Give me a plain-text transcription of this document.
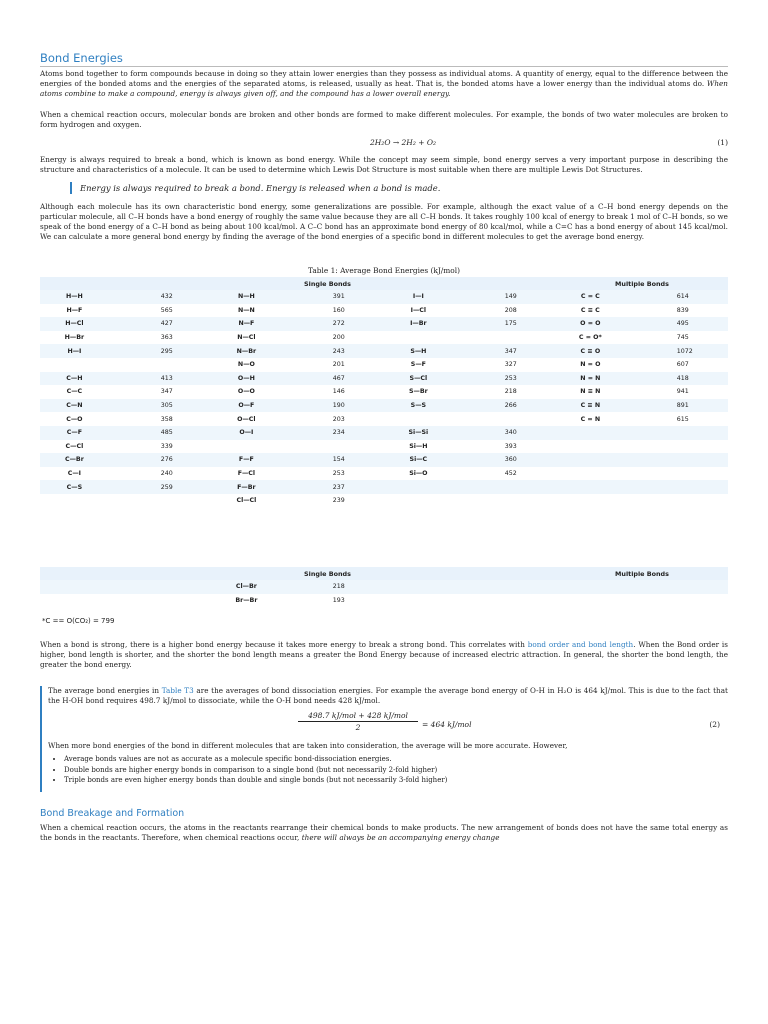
Bond Energies

Atoms bond together to form compounds because in doing so they attain lower energies than they possess as individual atoms. A quantity of energy, equal to the difference between the energies of the bonded atoms and the energies of the separated atoms, is released, usually as heat. That is, the bonded atoms have a lower energy than the individual atoms do. When atoms combine to make a compound, energy is always given off, and the compound has a lower overall energy.

When a chemical reaction occurs, molecular bonds are broken and other bonds are formed to make different molecules. For example, the bonds of two water molecules are broken to form hydrogen and oxygen.

2H₂O → 2H₂ + O₂	(1)

Energy is always required to break a bond, which is known as bond energy. While the concept may seem simple, bond energy serves a very important purpose in describing the structure and characteristics of a molecule. It can be used to determine which Lewis Dot Structure is most suitable when there are multiple Lewis Dot Structures.

Energy is always required to break a bond. Energy is released when a bond is made.

Although each molecule has its own characteristic bond energy, some generalizations are possible. For example, although the exact value of a C–H bond energy depends on the particular molecule, all C–H bonds have a bond energy of roughly the same value because they are all C–H bonds. It takes roughly 100 kcal of energy to break 1 mol of C–H bonds, so we speak of the bond energy of a C–H bond as being about 100 kcal/mol. A C–C bond has an approximate bond energy of 80 kcal/mol, while a C=C has a bond energy of about 145 kcal/mol. We can calculate a more general bond energy by finding the average of the bond energies of a specific bond in different molecules to get the average bond energy.

Table 1: Average Bond Energies (kJ/mol)
Single Bonds						Multiple Bonds	
H—H	432	N—H	391	I—I	149	C = C	614
H—F	565	N—N	160	I—Cl	208	C ≡ C	839
H—Cl	427	N—F	272	I—Br	175	O = O	495
H—Br	363	N—Cl	200			C = O*	745
H—I	295	N—Br	243	S—H	347	C ≡ O	1072
		N—O	201	S—F	327	N = O	607
C—H	413	O—H	467	S—Cl	253	N = N	418
C—C	347	O—O	146	S—Br	218	N ≡ N	941
C—N	305	O—F	190	S—S	266	C ≡ N	891
C—O	358	O—Cl	203			C = N	615
C—F	485	O—I	234	Si—Si	340		
C—Cl	339			Si—H	393		
C—Br	276	F—F	154	Si—C	360		
C—I	240	F—Cl	253	Si—O	452		
C—S	259	F—Br	237				
		Cl—Cl	239				
Single Bonds						Multiple Bonds	
		Cl—Br	218				
		Br—Br	193				
*C == O(CO₂) = 799

When a bond is strong, there is a higher bond energy because it takes more energy to break a strong bond. This correlates with bond order and bond length. When the Bond order is higher, bond length is shorter, and the shorter the bond length means a greater the Bond Energy because of increased electric attraction. In general, the shorter the bond length, the greater the bond energy.

The average bond energies in Table T3 are the averages of bond dissociation energies. For example the average bond energy of O-H in H₂O is 464 kJ/mol. This is due to the fact that the H-OH bond requires 498.7 kJ/mol to dissociate, while the O-H bond needs 428 kJ/mol.

498.7 kJ/mol + 428 kJ/mol
2	= 464 kJ/mol	(2)

When more bond energies of the bond in different molecules that are taken into consideration, the average will be more accurate. However,

• Average bonds values are not as accurate as a molecule specific bond-dissociation energies.
• Double bonds are higher energy bonds in comparison to a single bond (but not necessarily 2-fold higher)
• Triple bonds are even higher energy bonds than double and single bonds (but not necessarily 3-fold higher)
Bond Breakage and Formation

When a chemical reaction occurs, the atoms in the reactants rearrange their chemical bonds to make products. The new arrangement of bonds does not have the same total energy as the bonds in the reactants. Therefore, when chemical reactions occur, there will always be an accompanying energy change
